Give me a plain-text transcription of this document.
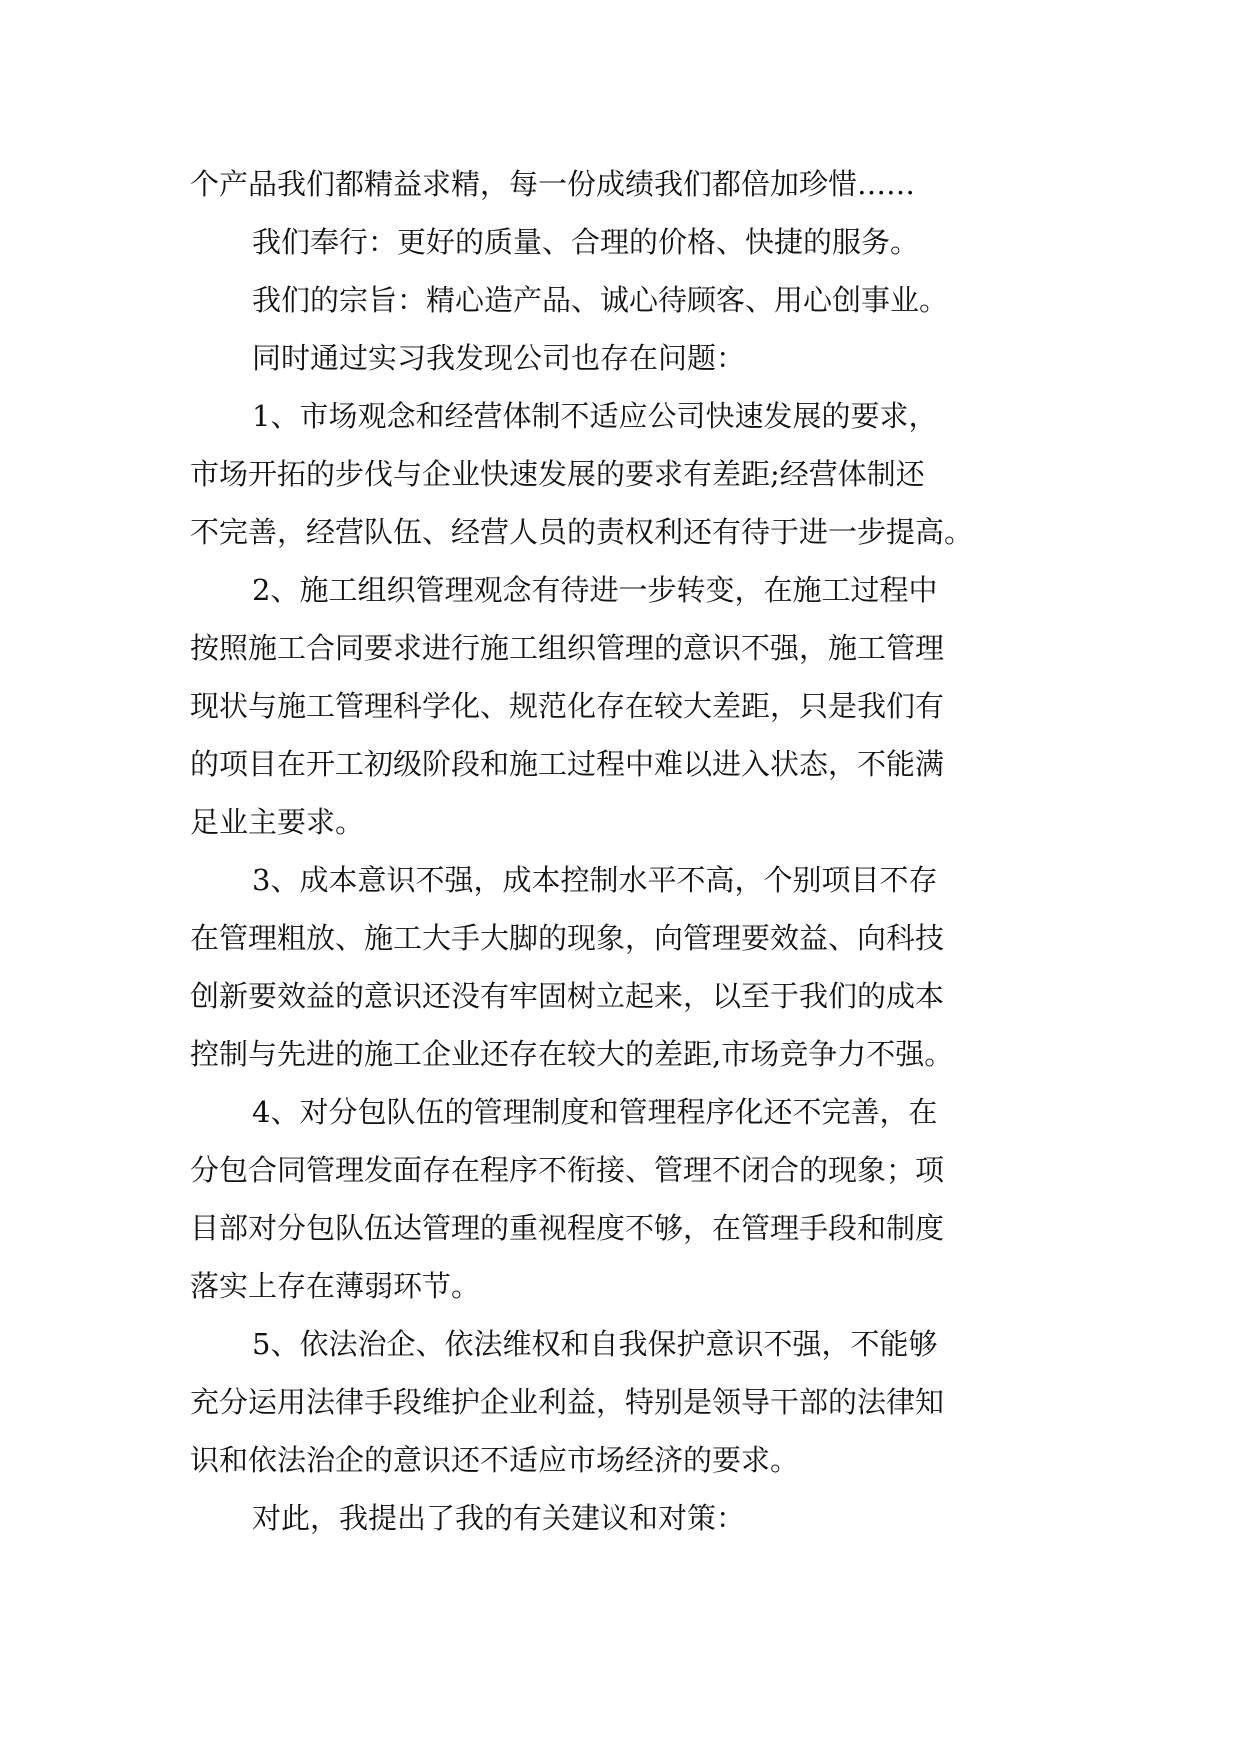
个产品我们都精益求精，每一份成绩我们都倍加珍惜……
我们奉行：更好的质量、合理的价格、快捷的服务。
我们的宗旨：精心造产品、诚心待顾客、用心创事业。
同时通过实习我发现公司也存在问题：
1、市场观念和经营体制不适应公司快速发展的要求，
市场开拓的步伐与企业快速发展的要求有差距;经营体制还
不完善，经营队伍、经营人员的责权利还有待于进一步提高。
2、施工组织管理观念有待进一步转变，在施工过程中
按照施工合同要求进行施工组织管理的意识不强，施工管理
现状与施工管理科学化、规范化存在较大差距，只是我们有
的项目在开工初级阶段和施工过程中难以进入状态，不能满
足业主要求。
3、成本意识不强，成本控制水平不高，个别项目不存
在管理粗放、施工大手大脚的现象，向管理要效益、向科技
创新要效益的意识还没有牢固树立起来，以至于我们的成本
控制与先进的施工企业还存在较大的差距,市场竞争力不强。
4、对分包队伍的管理制度和管理程序化还不完善，在
分包合同管理发面存在程序不衔接、管理不闭合的现象；项
目部对分包队伍达管理的重视程度不够，在管理手段和制度
落实上存在薄弱环节。
5、依法治企、依法维权和自我保护意识不强，不能够
充分运用法律手段维护企业利益，特别是领导干部的法律知
识和依法治企的意识还不适应市场经济的要求。
对此，我提出了我的有关建议和对策：
